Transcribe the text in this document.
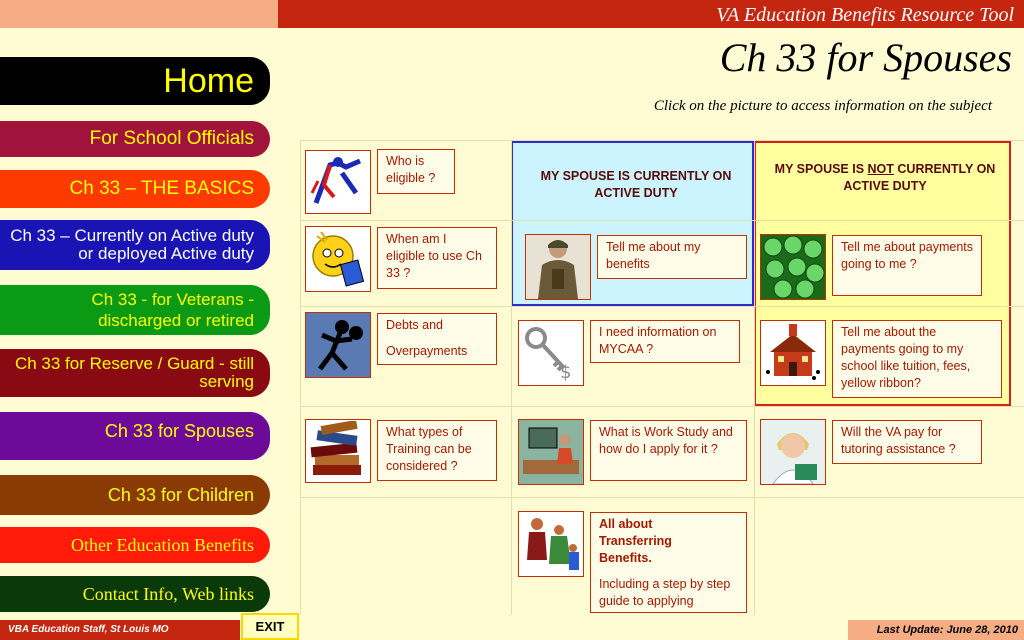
VA Education Benefits Resource Tool
Ch 33 for Spouses
Click on the picture to access information on the subject
Home
For School Officials
Ch 33 – THE BASICS
Ch 33 – Currently on Active duty or deployed Active duty
Ch 33 - for Veterans - discharged or retired
Ch 33 for Reserve / Guard - still serving
Ch 33 for Spouses
Ch 33 for Children
Other Education Benefits
Contact Info, Web links
MY SPOUSE IS CURRENTLY ON ACTIVE DUTY
MY SPOUSE IS NOT CURRENTLY ON ACTIVE DUTY
Who is eligible ?
When am I eligible to use Ch 33 ?
Debts and
Overpayments
What types of Training can be considered ?
Tell me about my benefits
$
I need information on MYCAA ?
What is Work Study and how do I apply for it ?
All about Transferring Benefits.
Including a step by step guide to applying
Tell me about payments going to me ?
Tell me about the payments going to my school like tuition, fees, yellow ribbon?
Will the VA pay for tutoring assistance ?
VBA Education Staff, St Louis MO	EXIT	Last Update: June 28, 2010
